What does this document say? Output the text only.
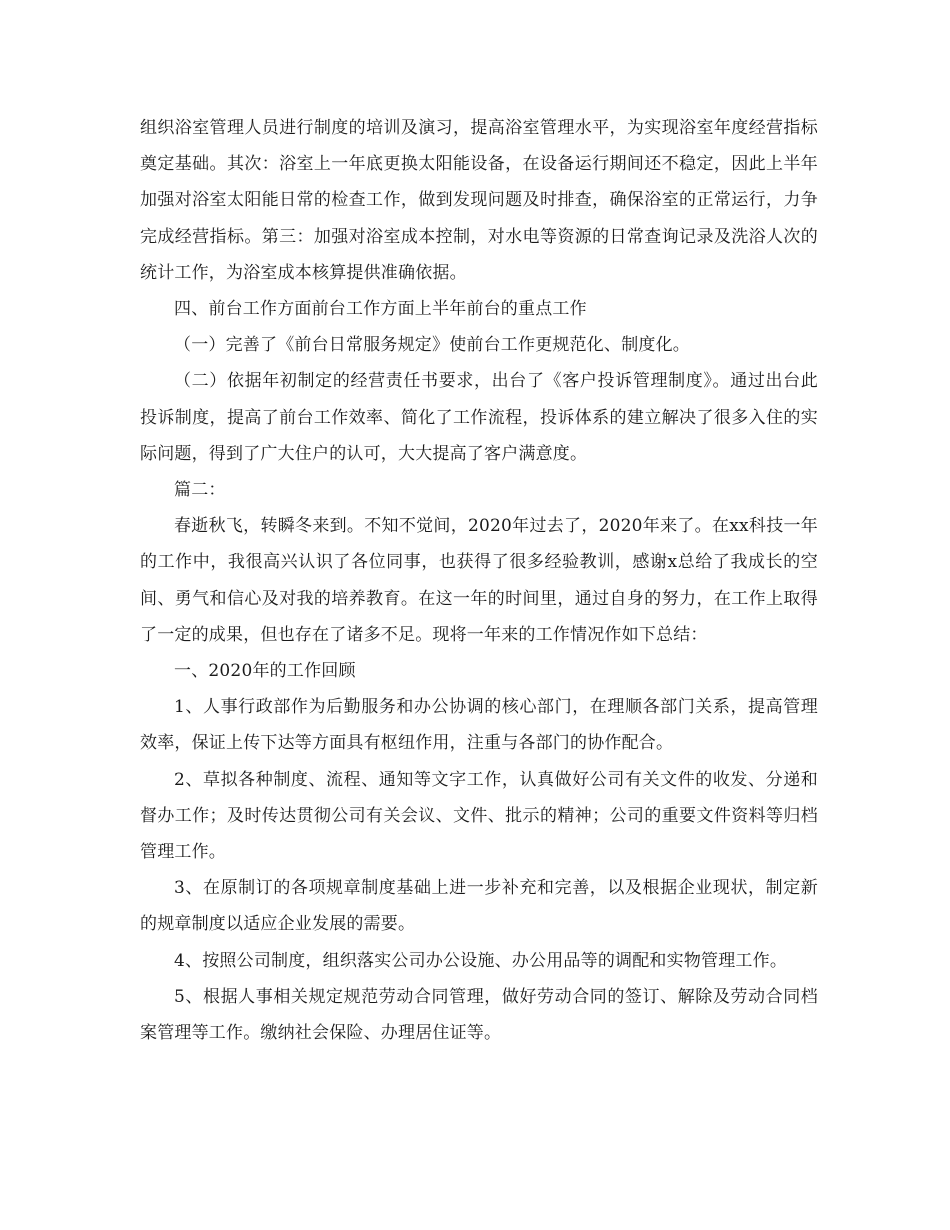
组织浴室管理人员进行制度的培训及演习，提高浴室管理水平，为实现浴室年度经营指标奠定基础。其次：浴室上一年底更换太阳能设备，在设备运行期间还不稳定，因此上半年加强对浴室太阳能日常的检查工作，做到发现问题及时排查，确保浴室的正常运行，力争完成经营指标。第三：加强对浴室成本控制，对水电等资源的日常查询记录及洗浴人次的统计工作，为浴室成本核算提供准确依据。

四、前台工作方面前台工作方面上半年前台的重点工作

（一）完善了《前台日常服务规定》使前台工作更规范化、制度化。

（二）依据年初制定的经营责任书要求，出台了《客户投诉管理制度》。通过出台此投诉制度，提高了前台工作效率、简化了工作流程，投诉体系的建立解决了很多入住的实际问题，得到了广大住户的认可，大大提高了客户满意度。

篇二：

春逝秋飞，转瞬冬来到。不知不觉间，2020年过去了，2020年来了。在xx科技一年的工作中，我很高兴认识了各位同事，也获得了很多经验教训，感谢x总给了我成长的空间、勇气和信心及对我的培养教育。在这一年的时间里，通过自身的努力，在工作上取得了一定的成果，但也存在了诸多不足。现将一年来的工作情况作如下总结：

一、2020年的工作回顾

1、人事行政部作为后勤服务和办公协调的核心部门，在理顺各部门关系，提高管理效率，保证上传下达等方面具有枢纽作用，注重与各部门的协作配合。

2、草拟各种制度、流程、通知等文字工作，认真做好公司有关文件的收发、分递和督办工作；及时传达贯彻公司有关会议、文件、批示的精神；公司的重要文件资料等归档管理工作。

3、在原制订的各项规章制度基础上进一步补充和完善，以及根据企业现状，制定新的规章制度以适应企业发展的需要。

4、按照公司制度，组织落实公司办公设施、办公用品等的调配和实物管理工作。

5、根据人事相关规定规范劳动合同管理，做好劳动合同的签订、解除及劳动合同档案管理等工作。缴纳社会保险、办理居住证等。
